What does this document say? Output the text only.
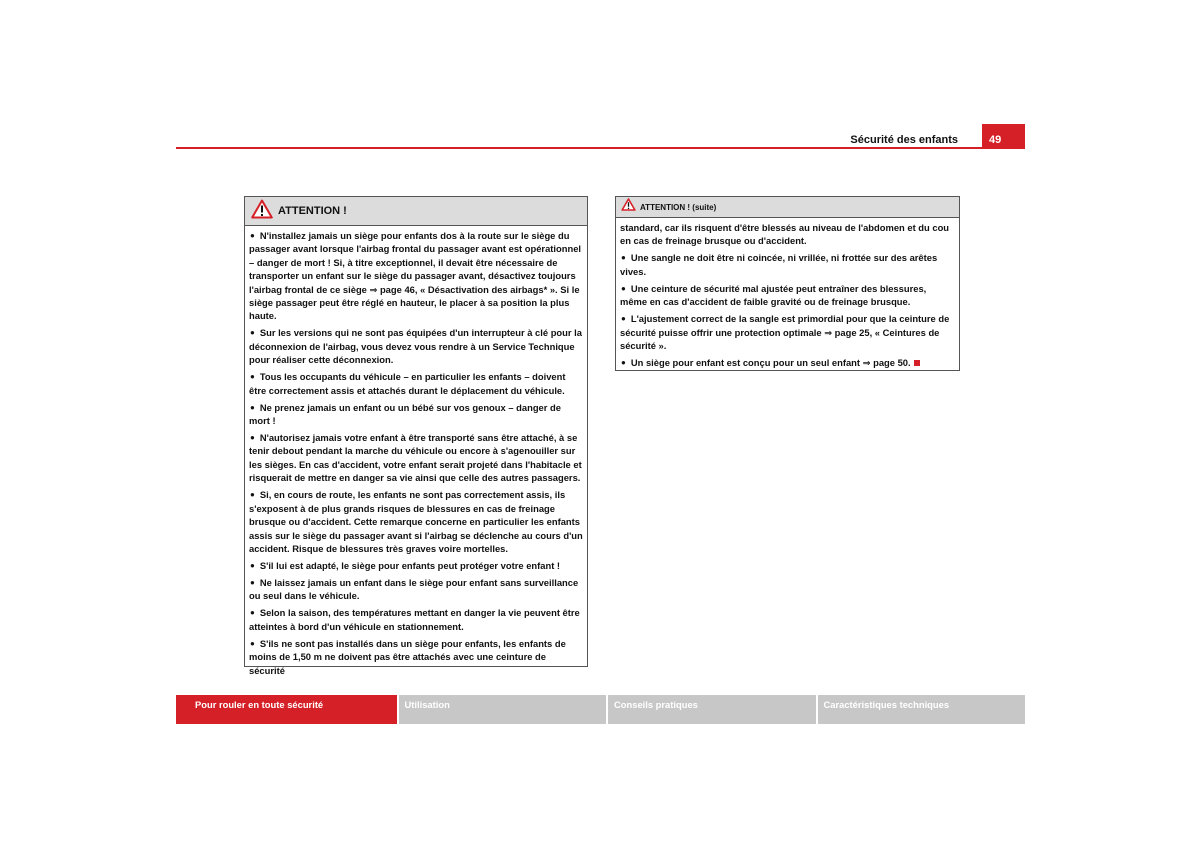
Sécurité des enfants	49
ATTENTION !

● N'installez jamais un siège pour enfants dos à la route sur le siège du passager avant lorsque l'airbag frontal du passager avant est opérationnel – danger de mort ! Si, à titre exceptionnel, il devait être nécessaire de transporter un enfant sur le siège du passager avant, désactivez toujours l'airbag frontal de ce siège ⇒ page 46, « Désactivation des airbags* ». Si le siège passager peut être réglé en hauteur, le placer à sa position la plus haute.

● Sur les versions qui ne sont pas équipées d'un interrupteur à clé pour la déconnexion de l'airbag, vous devez vous rendre à un Service Technique pour réaliser cette déconnexion.

● Tous les occupants du véhicule – en particulier les enfants – doivent être correctement assis et attachés durant le déplacement du véhicule.

● Ne prenez jamais un enfant ou un bébé sur vos genoux – danger de mort !

● N'autorisez jamais votre enfant à être transporté sans être attaché, à se tenir debout pendant la marche du véhicule ou encore à s'agenouiller sur les sièges. En cas d'accident, votre enfant serait projeté dans l'habitacle et risquerait de mettre en danger sa vie ainsi que celle des autres passagers.

● Si, en cours de route, les enfants ne sont pas correctement assis, ils s'exposent à de plus grands risques de blessures en cas de freinage brusque ou d'accident. Cette remarque concerne en particulier les enfants assis sur le siège du passager avant si l'airbag se déclenche au cours d'un accident. Risque de blessures très graves voire mortelles.

● S'il lui est adapté, le siège pour enfants peut protéger votre enfant !

● Ne laissez jamais un enfant dans le siège pour enfant sans surveillance ou seul dans le véhicule.

● Selon la saison, des températures mettant en danger la vie peuvent être atteintes à bord d'un véhicule en stationnement.

● S'ils ne sont pas installés dans un siège pour enfants, les enfants de moins de 1,50 m ne doivent pas être attachés avec une ceinture de sécurité

ATTENTION ! (suite)

standard, car ils risquent d'être blessés au niveau de l'abdomen et du cou en cas de freinage brusque ou d'accident.

● Une sangle ne doit être ni coincée, ni vrillée, ni frottée sur des arêtes vives.

● Une ceinture de sécurité mal ajustée peut entraîner des blessures, même en cas d'accident de faible gravité ou de freinage brusque.

● L'ajustement correct de la sangle est primordial pour que la ceinture de sécurité puisse offrir une protection optimale ⇒ page 25, « Ceintures de sécurité ».

● Un siège pour enfant est conçu pour un seul enfant ⇒ page 50.

Pour rouler en toute sécurité	Utilisation	Conseils pratiques	Caractéristiques techniques
